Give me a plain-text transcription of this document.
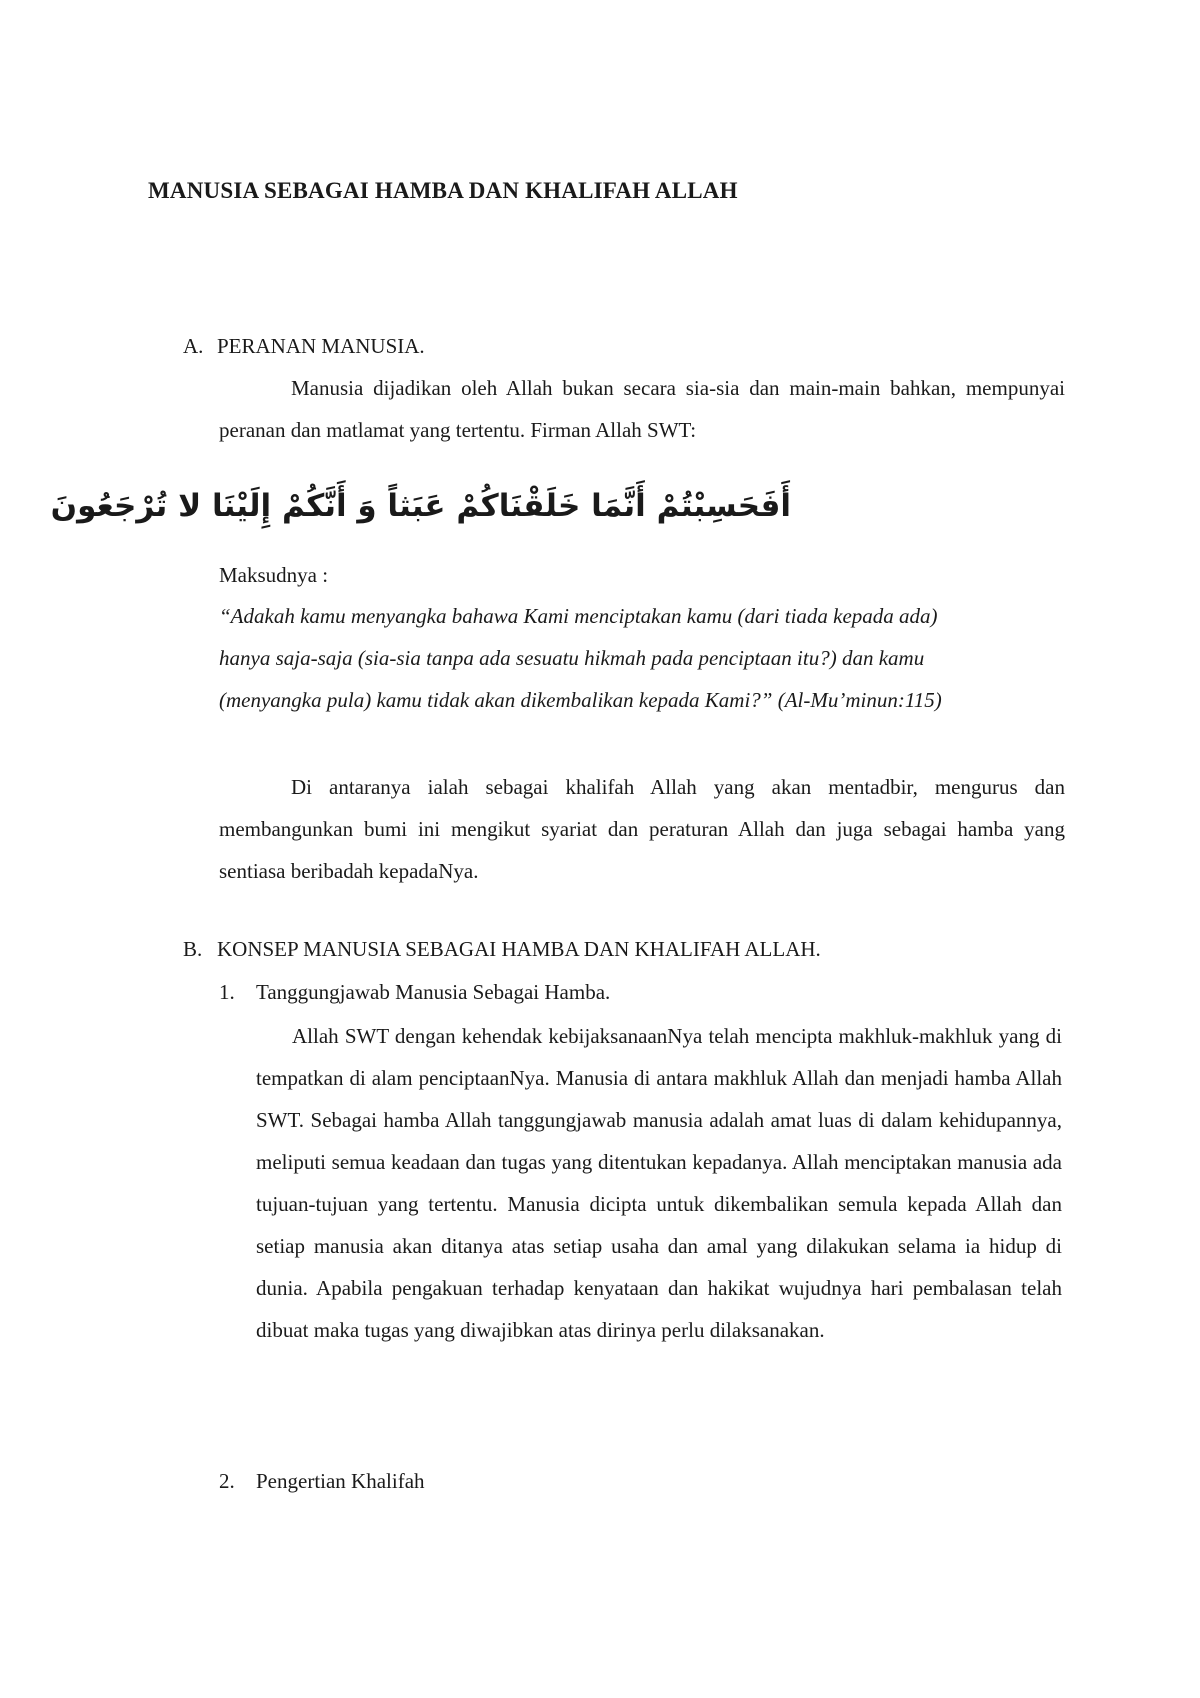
MANUSIA SEBAGAI HAMBA DAN KHALIFAH ALLAH
A. PERANAN MANUSIA.
Manusia dijadikan oleh Allah bukan secara sia-sia dan main-main bahkan, mempunyai peranan dan matlamat yang tertentu. Firman Allah SWT:
أَفَحَسِبْتُمْ أَنَّمَا خَلَقْنَاكُمْ عَبَثاً وَ أَنَّكُمْ إِلَيْنَا لا تُرْجَعُونَ
Maksudnya :
“Adakah kamu menyangka bahawa Kami menciptakan kamu (dari tiada kepada ada)
hanya saja-saja (sia-sia tanpa ada sesuatu hikmah pada penciptaan itu?) dan kamu
(menyangka pula) kamu tidak akan dikembalikan kepada Kami?” (Al-Mu’minun:115)
Di antaranya ialah sebagai khalifah Allah yang akan mentadbir, mengurus dan membangunkan bumi ini mengikut syariat dan peraturan Allah dan juga sebagai hamba yang sentiasa beribadah kepadaNya.
B. KONSEP MANUSIA SEBAGAI HAMBA DAN KHALIFAH ALLAH.
1. Tanggungjawab Manusia Sebagai Hamba.
Allah SWT dengan kehendak kebijaksanaanNya telah mencipta makhluk-makhluk yang di tempatkan di alam penciptaanNya. Manusia di antara makhluk Allah dan menjadi hamba Allah SWT. Sebagai hamba Allah tanggungjawab manusia adalah amat luas di dalam kehidupannya, meliputi semua keadaan dan tugas yang ditentukan kepadanya. Allah menciptakan manusia ada tujuan-tujuan yang tertentu. Manusia dicipta untuk dikembalikan semula kepada Allah dan setiap manusia akan ditanya atas setiap usaha dan amal yang dilakukan selama ia hidup di dunia. Apabila pengakuan terhadap kenyataan dan hakikat wujudnya hari pembalasan telah dibuat maka tugas yang diwajibkan atas dirinya perlu dilaksanakan.
2. Pengertian Khalifah
